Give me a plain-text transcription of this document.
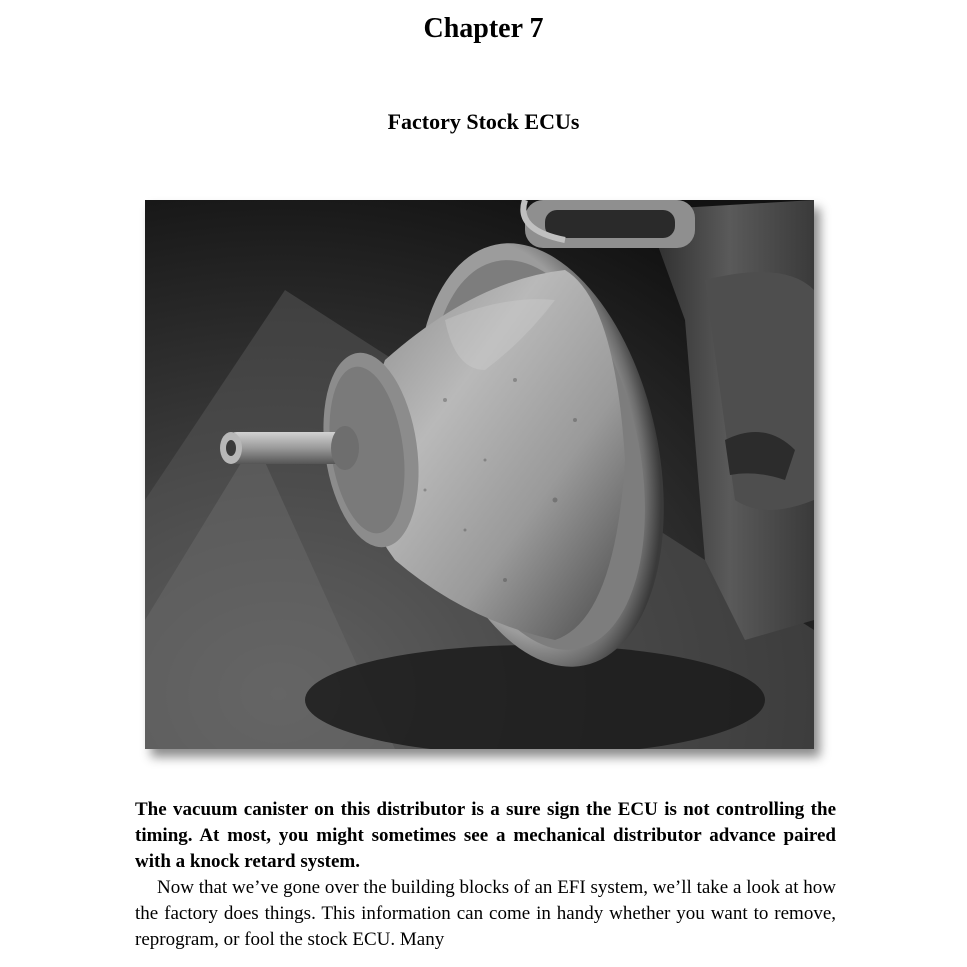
Chapter 7
Factory Stock ECUs
The vacuum canister on this distributor is a sure sign the ECU is not controlling the timing. At most, you might sometimes see a mechanical distributor advance paired with a knock retard system.
Now that we’ve gone over the building blocks of an EFI system, we’ll take a look at how the factory does things. This information can come in handy whether you want to remove, reprogram, or fool the stock ECU. Many
